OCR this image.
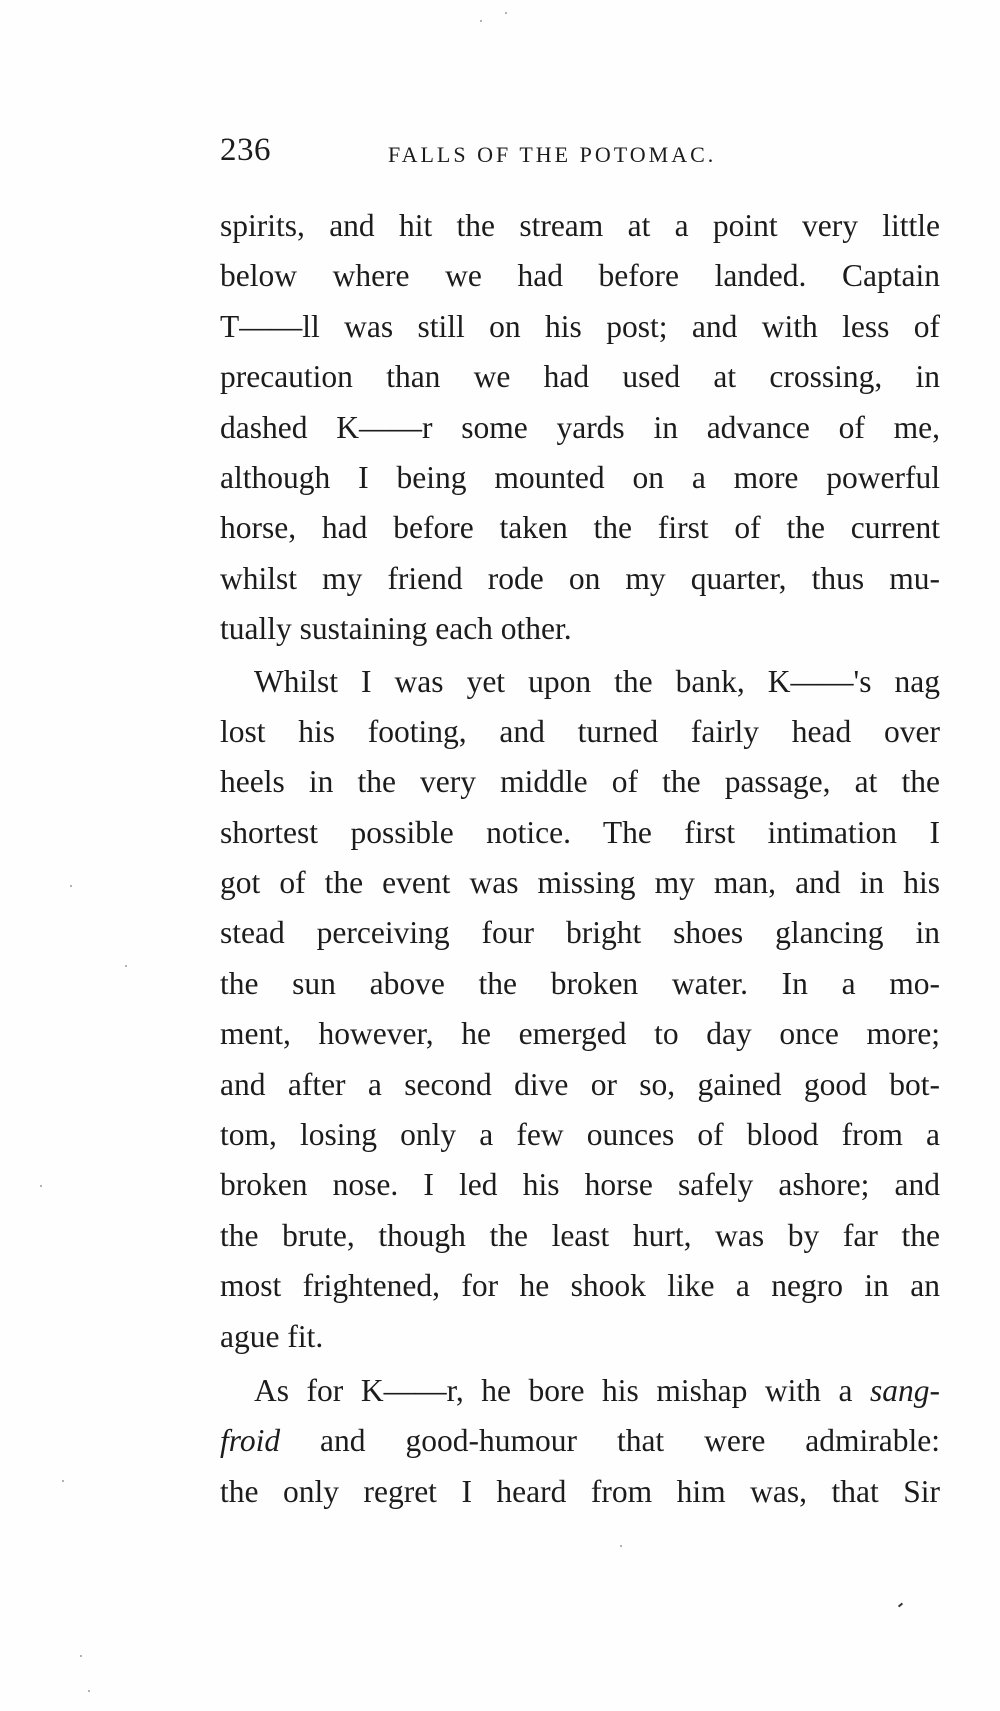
236	FALLS OF THE POTOMAC.
spirits, and hit the stream at a point very little
below where we had before landed. Captain
T——ll was still on his post; and with less of
precaution than we had used at crossing, in
dashed K——r some yards in advance of me,
although I being mounted on a more powerful
horse, had before taken the first of the current
whilst my friend rode on my quarter, thus mu-
tually sustaining each other.
Whilst I was yet upon the bank, K——'s nag
lost his footing, and turned fairly head over
heels in the very middle of the passage, at the
shortest possible notice. The first intimation I
got of the event was missing my man, and in his
stead perceiving four bright shoes glancing in
the sun above the broken water. In a mo-
ment, however, he emerged to day once more;
and after a second dive or so, gained good bot-
tom, losing only a few ounces of blood from a
broken nose. I led his horse safely ashore; and
the brute, though the least hurt, was by far the
most frightened, for he shook like a negro in an
ague fit.
As for K——r, he bore his mishap with a sang-
froid and good-humour that were admirable:
the only regret I heard from him was, that Sir
